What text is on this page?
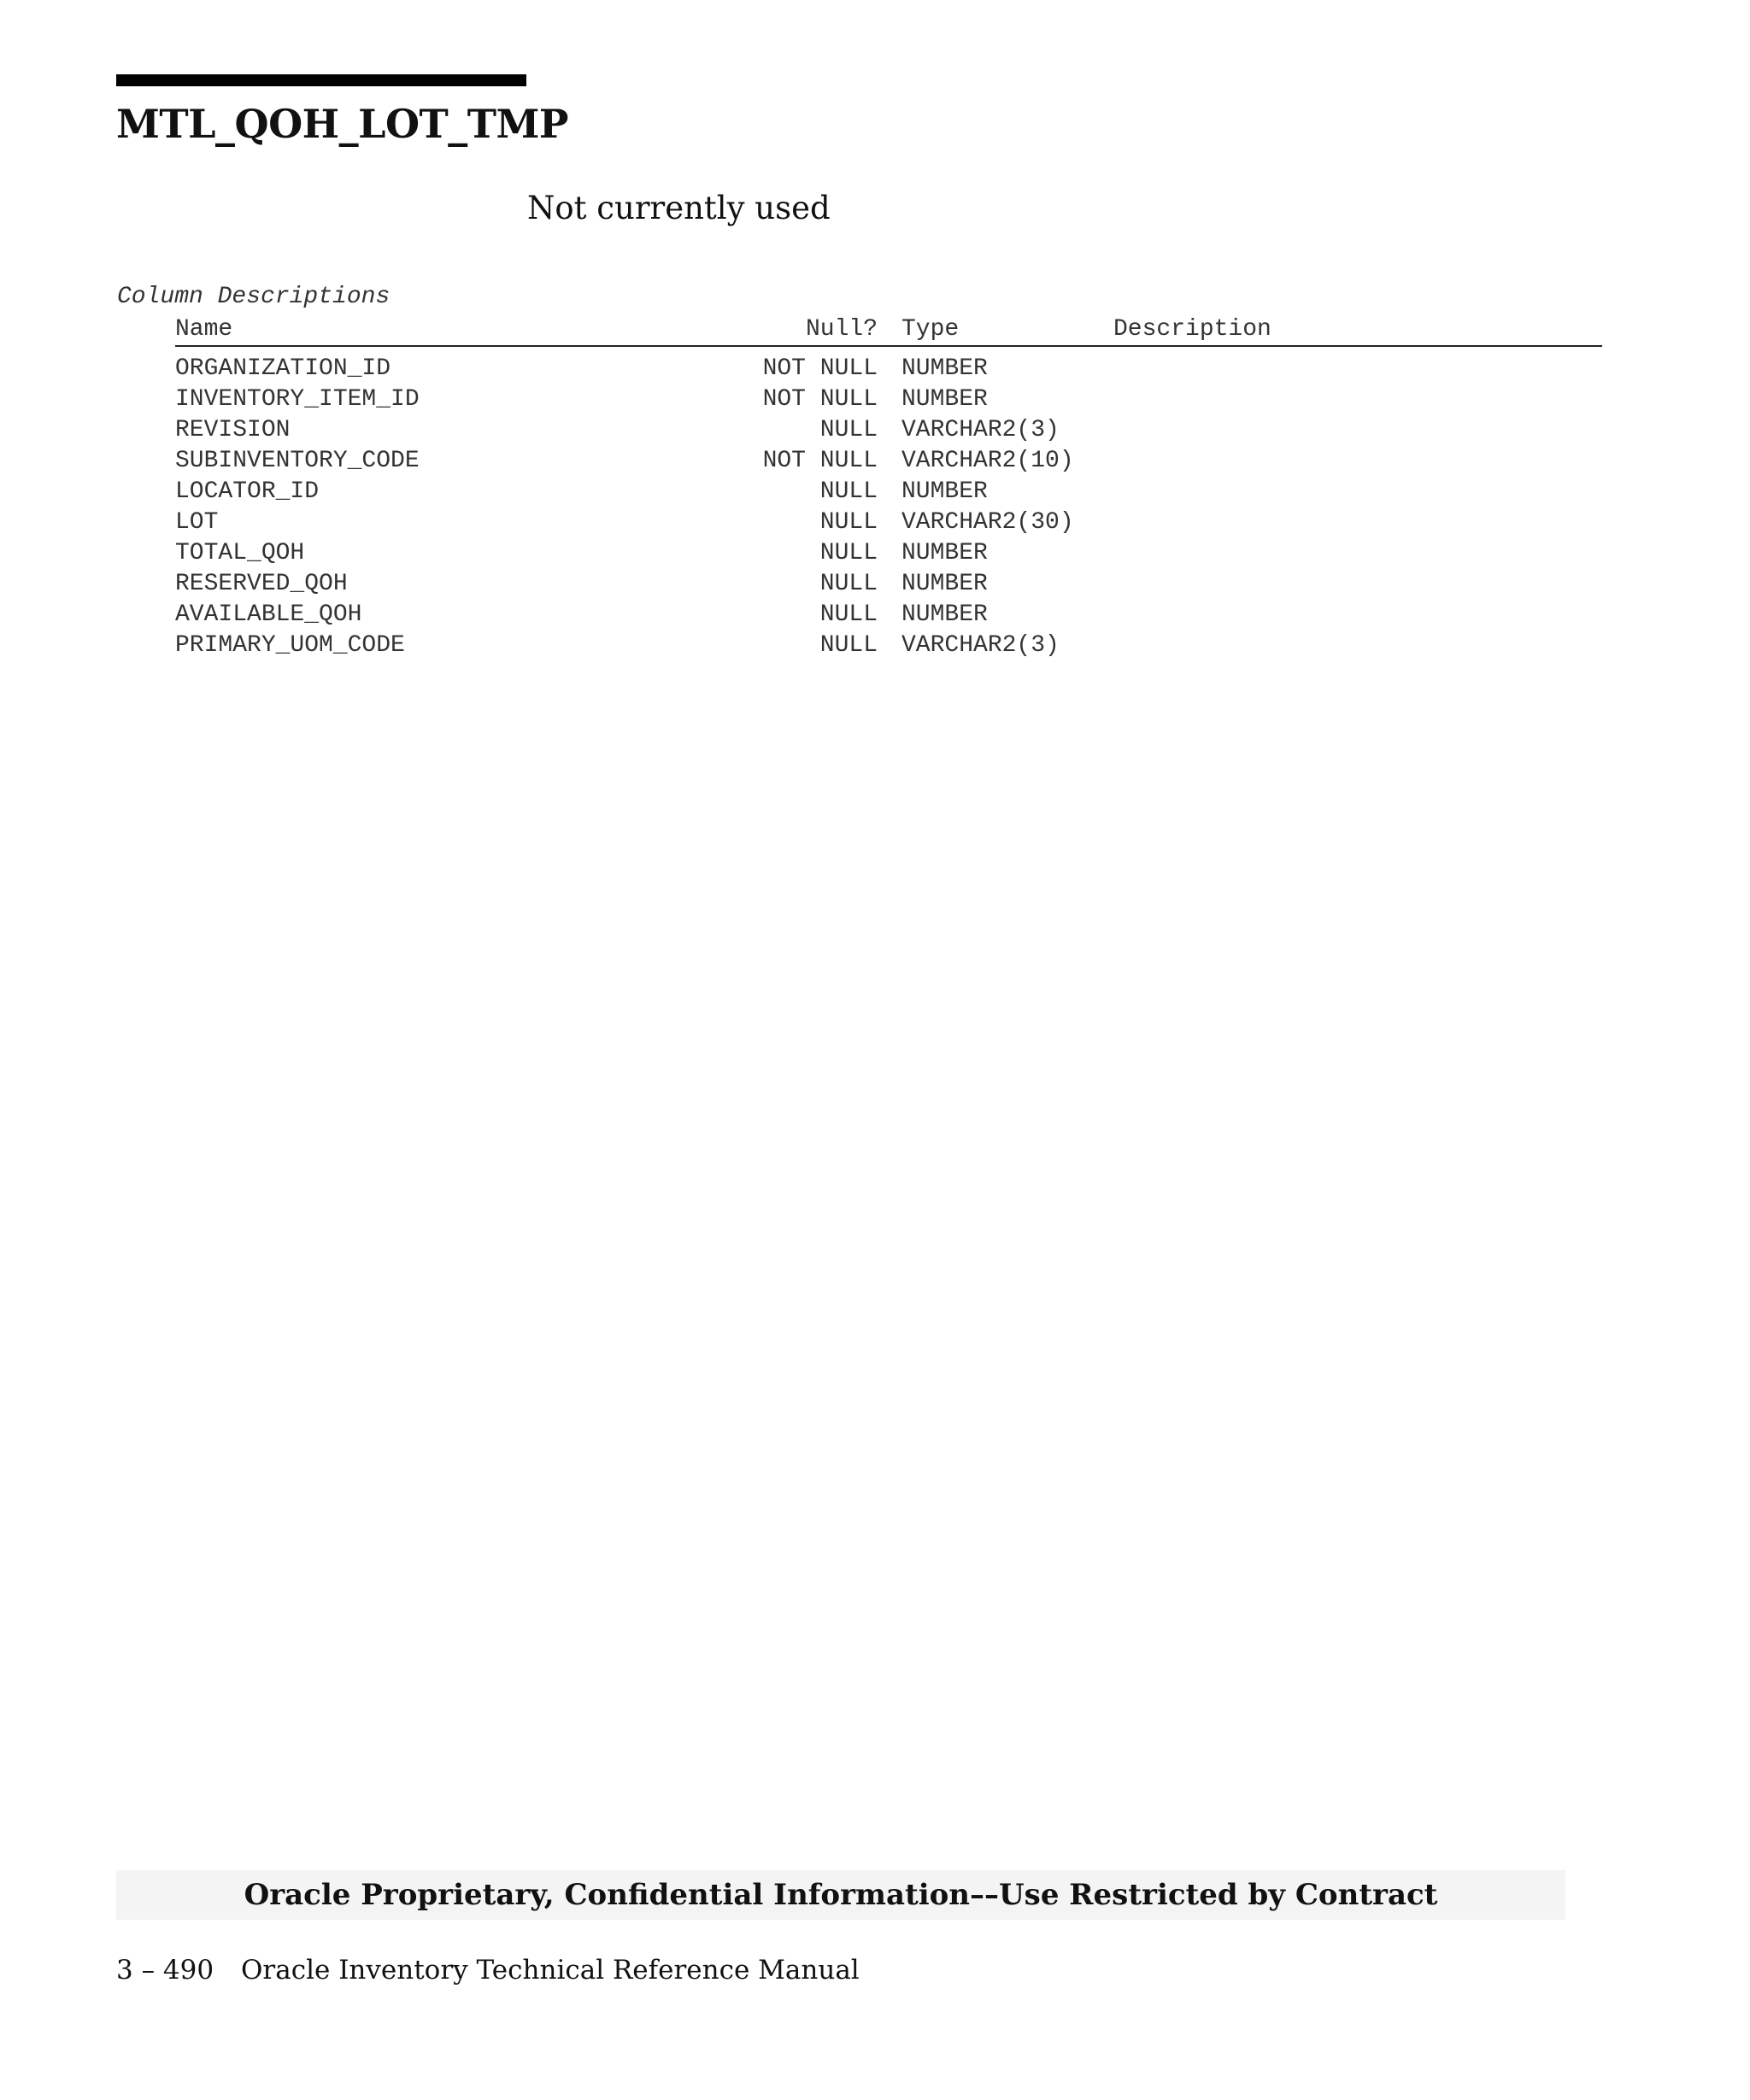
MTL_QOH_LOT_TMP
Not currently used
Column Descriptions
Name	Null? Type	Description
ORGANIZATION_ID	NOT NULL NUMBER
INVENTORY_ITEM_ID	NOT NULL NUMBER
REVISION	NULL VARCHAR2(3)
SUBINVENTORY_CODE	NOT NULL VARCHAR2(10)
LOCATOR_ID	NULL NUMBER
LOT	NULL VARCHAR2(30)
TOTAL_QOH	NULL NUMBER
RESERVED_QOH	NULL NUMBER
AVAILABLE_QOH	NULL NUMBER
PRIMARY_UOM_CODE	NULL VARCHAR2(3)
Oracle Proprietary, Confidential Information––Use Restricted by Contract
3 – 490 Oracle Inventory Technical Reference Manual
